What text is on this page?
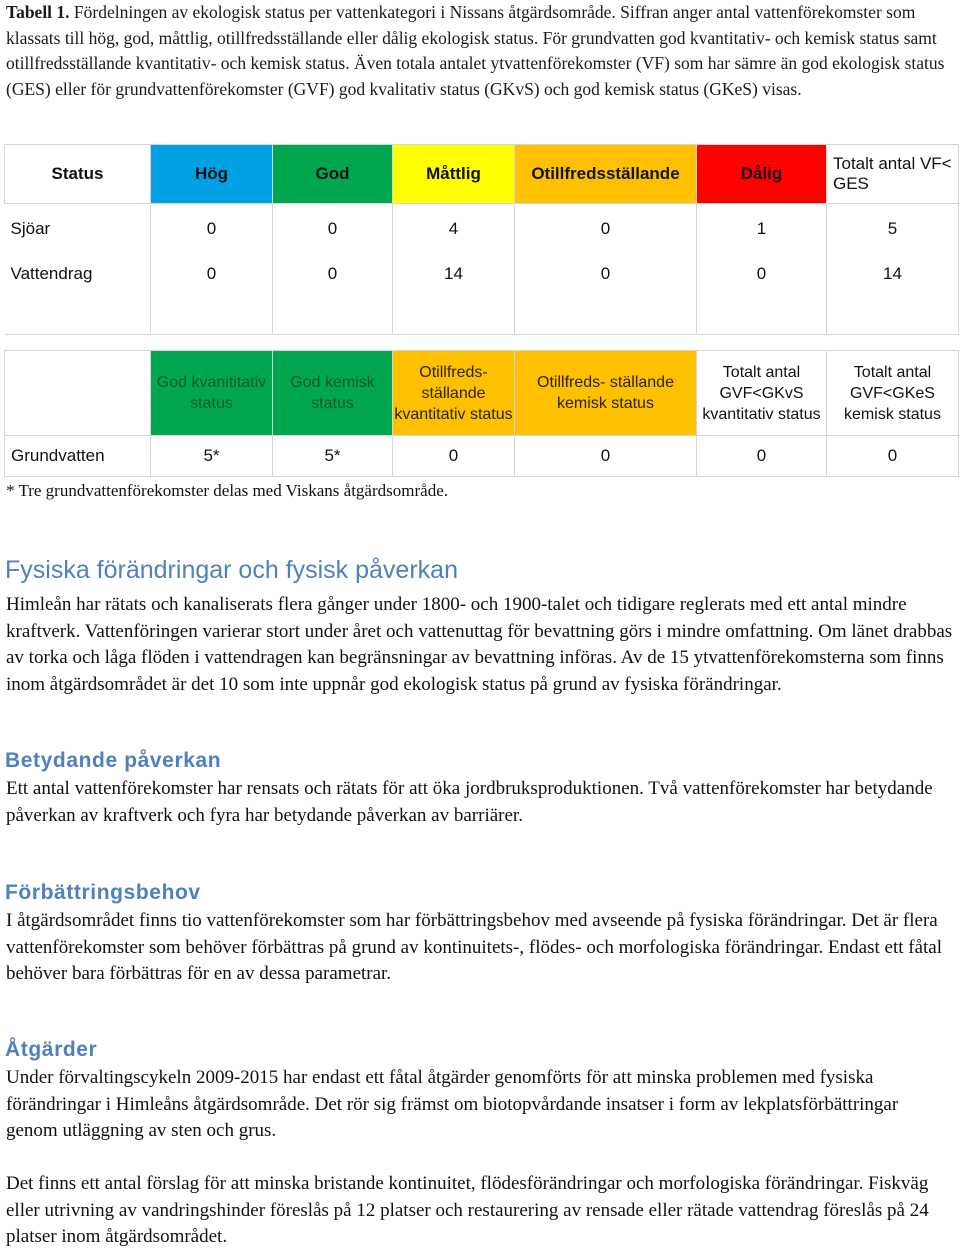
Tabell 1. Fördelningen av ekologisk status per vattenkategori i Nissans åtgärdsområde. Siffran anger antal vattenförekomster som klassats till hög, god, måttlig, otillfredsställande eller dålig ekologisk status. För grundvatten god kvantitativ- och kemisk status samt otillfredsställande kvantitativ- och kemisk status. Även totala antalet ytvattenförekomster (VF) som har sämre än god ekologisk status (GES) eller för grundvattenförekomster (GVF) god kvalitativ status (GKvS) och god kemisk status (GKeS) visas.
Status	Hög	God	Måttlig	Otillfredsställande	Dålig	Totalt antal VF< GES
Sjöar	0	0	4	0	1	5
Vattendrag	0	0	14	0	0	14
	God kvanititativ status	God kemisk status	Otillfreds-ställande kvantitativ status	Otillfreds- ställande kemisk status	Totalt antal GVF<GKvS kvantitativ status	Totalt antal GVF<GKeS kemisk status
Grundvatten	5*	5*	0	0	0	0
* Tre grundvattenförekomster delas med Viskans åtgärdsområde.
Fysiska förändringar och fysisk påverkan

Himleån har rätats och kanaliserats flera gånger under 1800- och 1900-talet och tidigare reglerats med ett antal mindre kraftverk. Vattenföringen varierar stort under året och vattenuttag för bevattning görs i mindre omfattning. Om länet drabbas av torka och låga flöden i vattendragen kan begränsningar av bevattning införas. Av de 15 ytvattenförekomsterna som finns inom åtgärdsområdet är det 10 som inte uppnår god ekologisk status på grund av fysiska förändringar.

Betydande påverkan

Ett antal vattenförekomster har rensats och rätats för att öka jordbruksproduktionen. Två vattenförekomster har betydande påverkan av kraftverk och fyra har betydande påverkan av barriärer.

Förbättringsbehov

I åtgärdsområdet finns tio vattenförekomster som har förbättringsbehov med avseende på fysiska förändringar. Det är flera vattenförekomster som behöver förbättras på grund av kontinuitets-, flödes- och morfologiska förändringar. Endast ett fåtal behöver bara förbättras för en av dessa parametrar.

Åtgärder

Under förvaltingscykeln 2009-2015 har endast ett fåtal åtgärder genomförts för att minska problemen med fysiska förändringar i Himleåns åtgärdsområde. Det rör sig främst om biotopvårdande insatser i form av lekplatsförbättringar genom utläggning av sten och grus.

Det finns ett antal förslag för att minska bristande kontinuitet, flödesförändringar och morfologiska förändringar. Fiskväg eller utrivning av vandringshinder föreslås på 12 platser och restaurering av rensade eller rätade vattendrag föreslås på 24 platser inom åtgärdsområdet.
